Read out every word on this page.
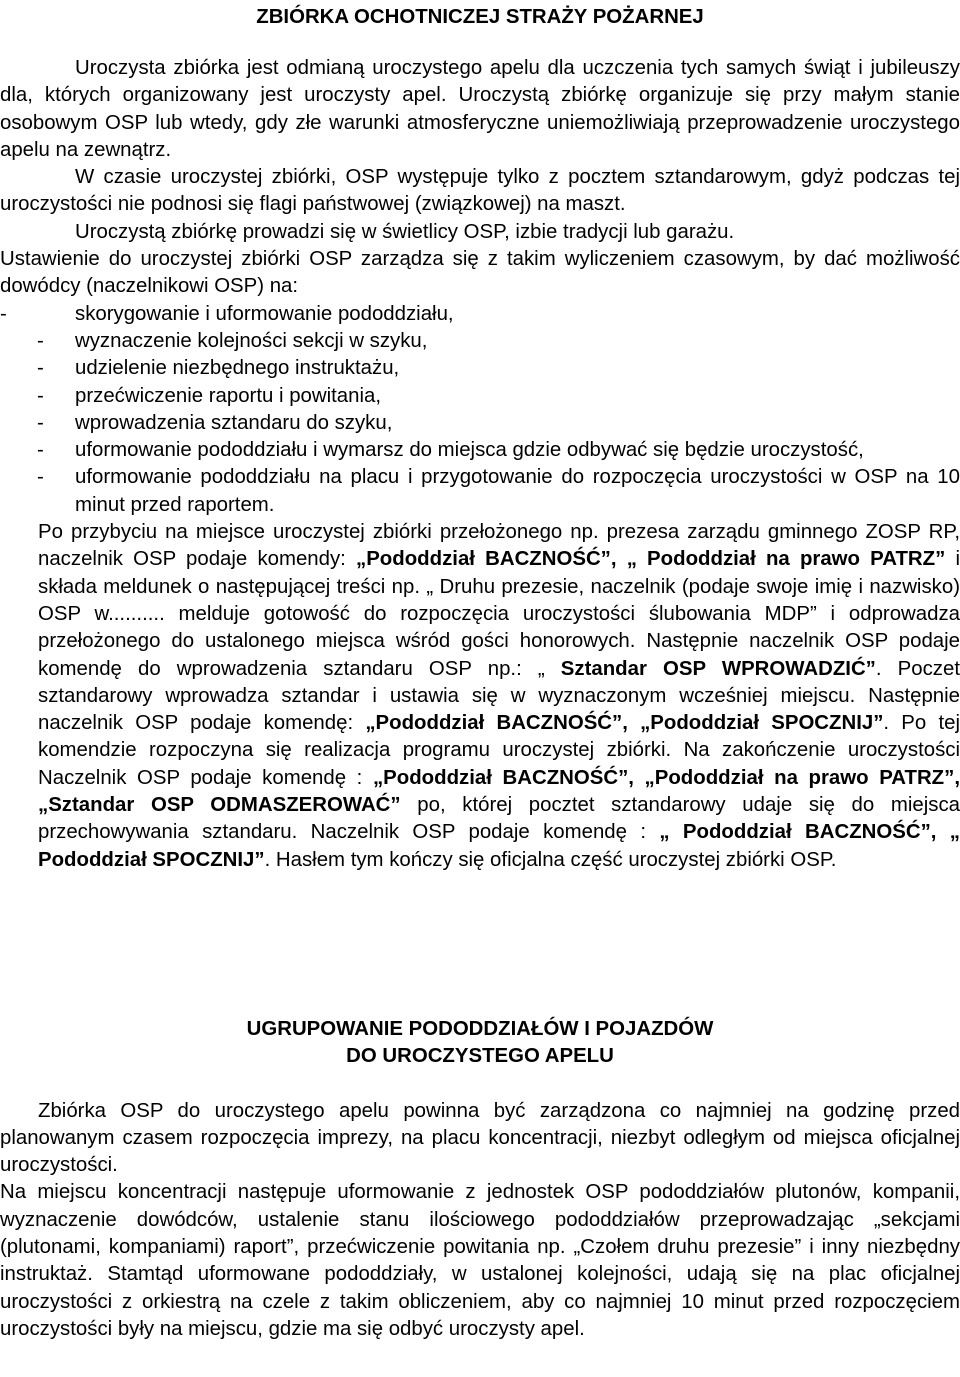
ZBIÓRKA OCHOTNICZEJ STRAŻY POŻARNEJ

Uroczysta zbiórka jest odmianą uroczystego apelu dla uczczenia tych samych świąt i jubileuszy dla, których organizowany jest uroczysty apel. Uroczystą zbiórkę organizuje się przy małym stanie osobowym OSP lub wtedy, gdy złe warunki atmosferyczne uniemożliwiają przeprowadzenie uroczystego apelu na zewnątrz.

W czasie uroczystej zbiórki, OSP występuje tylko z pocztem sztandarowym, gdyż podczas tej uroczystości nie podnosi się flagi państwowej (związkowej) na maszt.

Uroczystą zbiórkę prowadzi się w świetlicy OSP, izbie tradycji lub garażu.

Ustawienie do uroczystej zbiórki OSP zarządza się z takim wyliczeniem czasowym, by dać możliwość dowódcy (naczelnikowi OSP) na:

-	skorygowanie i uformowanie pododdziału,
-	wyznaczenie kolejności sekcji w szyku,
-	udzielenie niezbędnego instruktażu,
-	przećwiczenie raportu i powitania,
-	wprowadzenia sztandaru do szyku,
-	uformowanie pododdziału i wymarsz do miejsca gdzie odbywać się będzie uroczystość,
-	uformowanie pododdziału na placu i przygotowanie do rozpoczęcia uroczystości w OSP na 10 minut przed raportem.

Po przybyciu na miejsce uroczystej zbiórki przełożonego np. prezesa zarządu gminnego ZOSP RP, naczelnik OSP podaje komendy: „Pododdział BACZNOŚĆ”, „ Pododdział na prawo PATRZ” i składa meldunek o następującej treści np. „ Druhu prezesie, naczelnik (podaje swoje imię i nazwisko) OSP w.......... melduje gotowość do rozpoczęcia uroczystości ślubowania MDP” i odprowadza przełożonego do ustalonego miejsca wśród gości honorowych. Następnie naczelnik OSP podaje komendę do wprowadzenia sztandaru OSP np.: „ Sztandar OSP WPROWADZIĆ”. Poczet sztandarowy wprowadza sztandar i ustawia się w wyznaczonym wcześniej miejscu. Następnie naczelnik OSP podaje komendę: „Pododdział BACZNOŚĆ”, „Pododdział SPOCZNIJ”. Po tej komendzie rozpoczyna się realizacja programu uroczystej zbiórki. Na zakończenie uroczystości Naczelnik OSP podaje komendę : „Pododdział BACZNOŚĆ”, „Pododdział na prawo PATRZ”, „Sztandar OSP ODMASZEROWAĆ” po, której pocztet sztandarowy udaje się do miejsca przechowywania sztandaru. Naczelnik OSP podaje komendę : „ Pododdział BACZNOŚĆ”, „ Pododdział SPOCZNIJ”. Hasłem tym kończy się oficjalna część uroczystej zbiórki OSP.

UGRUPOWANIE PODODDZIAŁÓW I POJAZDÓW
DO UROCZYSTEGO APELU

Zbiórka OSP do uroczystego apelu powinna być zarządzona co najmniej na godzinę przed planowanym czasem rozpoczęcia imprezy, na placu koncentracji, niezbyt odległym od miejsca oficjalnej uroczystości.

Na miejscu koncentracji następuje uformowanie z jednostek OSP pododdziałów plutonów, kompanii, wyznaczenie dowódców, ustalenie stanu ilościowego pododdziałów przeprowadzając „sekcjami (plutonami, kompaniami) raport”, przećwiczenie powitania np. „Czołem druhu prezesie” i inny niezbędny instruktaż. Stamtąd uformowane pododdziały, w ustalonej kolejności, udają się na plac oficjalnej uroczystości z orkiestrą na czele z takim obliczeniem, aby co najmniej 10 minut przed rozpoczęciem uroczystości były na miejscu, gdzie ma się odbyć uroczysty apel.
